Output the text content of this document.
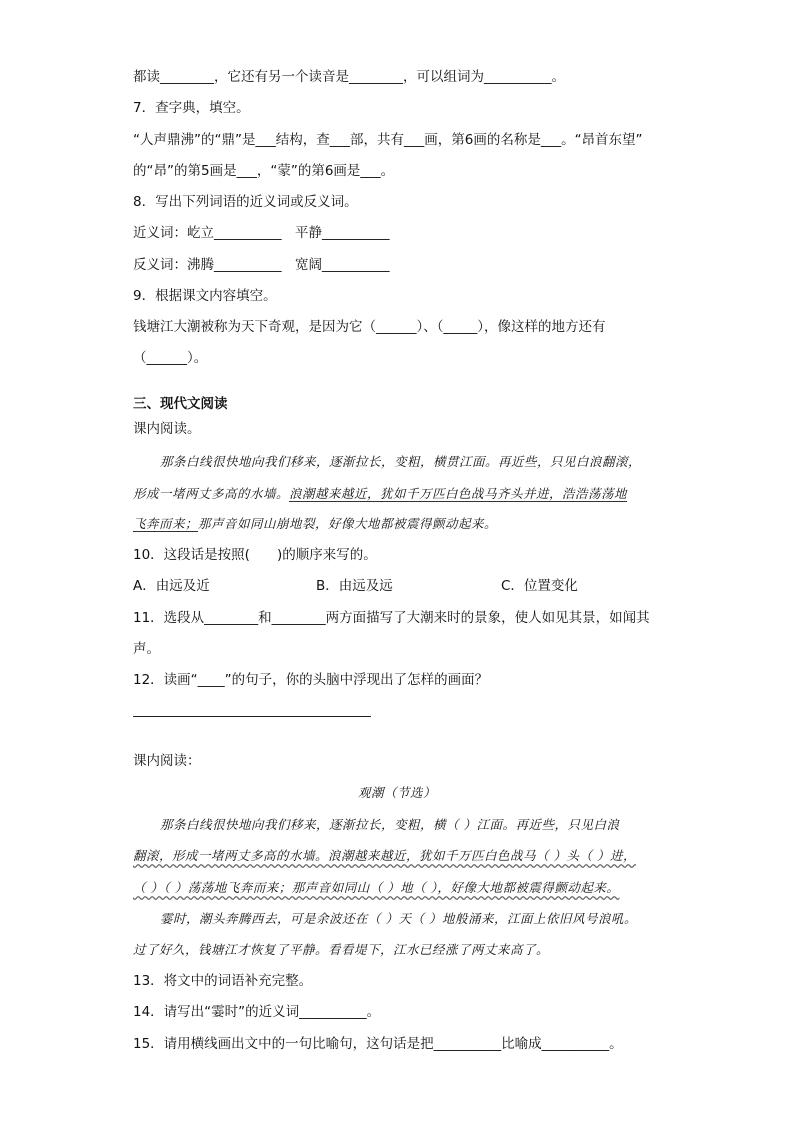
都读________，它还有另一个读音是________，可以组词为__________。
7．查字典，填空。
“人声鼎沸”的“鼎”是___结构，查___部，共有___画，第6画的名称是___。“昂首东望”
的“昂”的第5画是___，“蒙”的第6画是___。
8．写出下列词语的近义词或反义词。
近义词：屹立__________　平静__________
反义词：沸腾__________　宽阔__________
9．根据课文内容填空。
钱塘江大潮被称为天下奇观，是因为它（______）、（_____），像这样的地方还有
（______）。
三、现代文阅读
课内阅读。
那条白线很快地向我们移来，逐渐拉长，变粗，横贯江面。再近些，只见白浪翻滚，
形成一堵两丈多高的水墙。浪潮越来越近，犹如千万匹白色战马齐头并进，浩浩荡荡地
飞奔而来；那声音如同山崩地裂，好像大地都被震得颤动起来。
10．这段话是按照(　　)的顺序来写的。
A．由远及近	B．由远及远	C．位置变化
11．选段从________和________两方面描写了大潮来时的景象，使人如见其景，如闻其
声。
12．读画“____”的句子，你的头脑中浮现出了怎样的画面？
课内阅读：
观潮（节选）
那条白线很快地向我们移来，逐渐拉长，变粗，横（ ）江面。再近些，只见白浪
翻滚，形成一堵两丈多高的水墙。浪潮越来越近，犹如千万匹白色战马（ ）头（ ）进，
（ ）（ ）荡荡地飞奔而来；那声音如同山（ ）地（ ），好像大地都被震得颤动起来。
霎时，潮头奔腾西去，可是余波还在（ ）天（ ）地般涌来，江面上依旧风号浪吼。
过了好久，钱塘江才恢复了平静。看看堤下，江水已经涨了两丈来高了。
13．将文中的词语补充完整。
14．请写出“霎时”的近义词__________。
15．请用横线画出文中的一句比喻句，这句话是把__________比喻成__________。
